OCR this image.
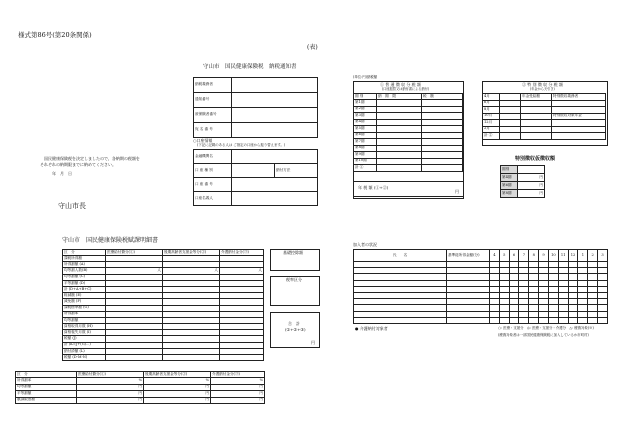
様式第86号(第20条関係)
(表)
守山市　国民健康保険税　納税通知書
納税義務者	
通知番号	
被保険者番号	
宛 名 番 号	
○口座情報
(下記に記載のある人は ご指定の口座から振り替えます。)
金融機関名		
口 座 種 別		納付方法
口 座 番 号		
口座名義人		
国民健康保険税を決定しましたので、各納期の税額を
それぞれの納期限までに納めてください。
年　月　日
守山市長
(単位:円)納税額
① 普 通 徴 収 分 税 額
(口座振替又は納付書による納付)
期 別	納　期　限	税　額
第1期		
第2期		
第3期		
第4期		
第5期		
第6期		
第7期		
第8期		
第9期		
第10期		
計 ①		
年 税 額 (①+②)
円
② 特 別 徴 収 分 税 額
(年金から天引き)
4月		年金受給額	特別徴収義務者
6月			
8月			
10月			特別徴収対象年金
12月			
2月			
計 ②			
特別徴収仮徴収額
期別	
第4期	円
第6期	円
第8期	円
守山市　国民健康保険税賦課明細書
区　分	医療給付費分(①)	後期高齢者支援金等分(②)	介護納付金分(③)
課税所得額			
所得割額 (A)			
均等割人数(B)	人	人	人
均等割額 (C)			
平等割額 (D)			
計 (D+A+B+C)			
軽減額 (E)			
減免額 (F)			
課税標準額 (G)			
所得割率			
均等割額			
資格取得月数 (H)			
資格喪失月数 (I)			
税額 (J)			
計 (K=J+(G)...)			
納付済額 (L)			
税額 (D-M-N)			
基礎控除額
税率区分
合　計
(①+②+③)
円
区　分	医療給付費分(①)	後期高齢者支援金等分(②)	介護納付金分(③)
所得割率	%	%	%
均等割額	円	円	円
平等割額	円	円	円
賦課限度額	円	円	円
加入者の状況
氏　　名	基準総所得金額(分)	4	5	6	7	8	9	10	11	12	1	2	3

● 介護納付対象者	○: 医療・支援分　◎: 医療・支援分・介護分　△: 療養対象(※)
(療養対象者は一部国民健康保険税に加入しているか市町村)
